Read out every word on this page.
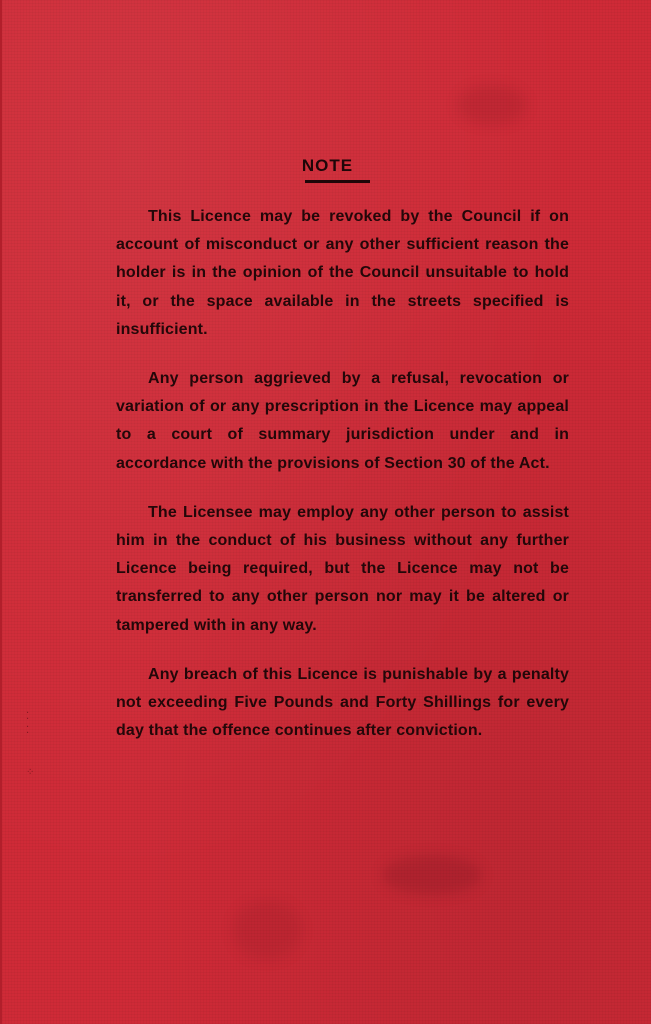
⁚
⁚

⁘
NOTE

This Licence may be revoked by the Council if on account of misconduct or any other sufficient reason the holder is in the opinion of the Council unsuitable to hold it, or the space available in the streets specified is insufficient.

Any person aggrieved by a refusal, revocation or variation of or any prescription in the Licence may appeal to a court of summary jurisdiction under and in accordance with the provisions of Section 30 of the Act.

The Licensee may employ any other person to assist him in the conduct of his business without any further Licence being required, but the Licence may not be transferred to any other person nor may it be altered or tampered with in any way.

Any breach of this Licence is punishable by a penalty not exceeding Five Pounds and Forty Shillings for every day that the offence continues after conviction.
